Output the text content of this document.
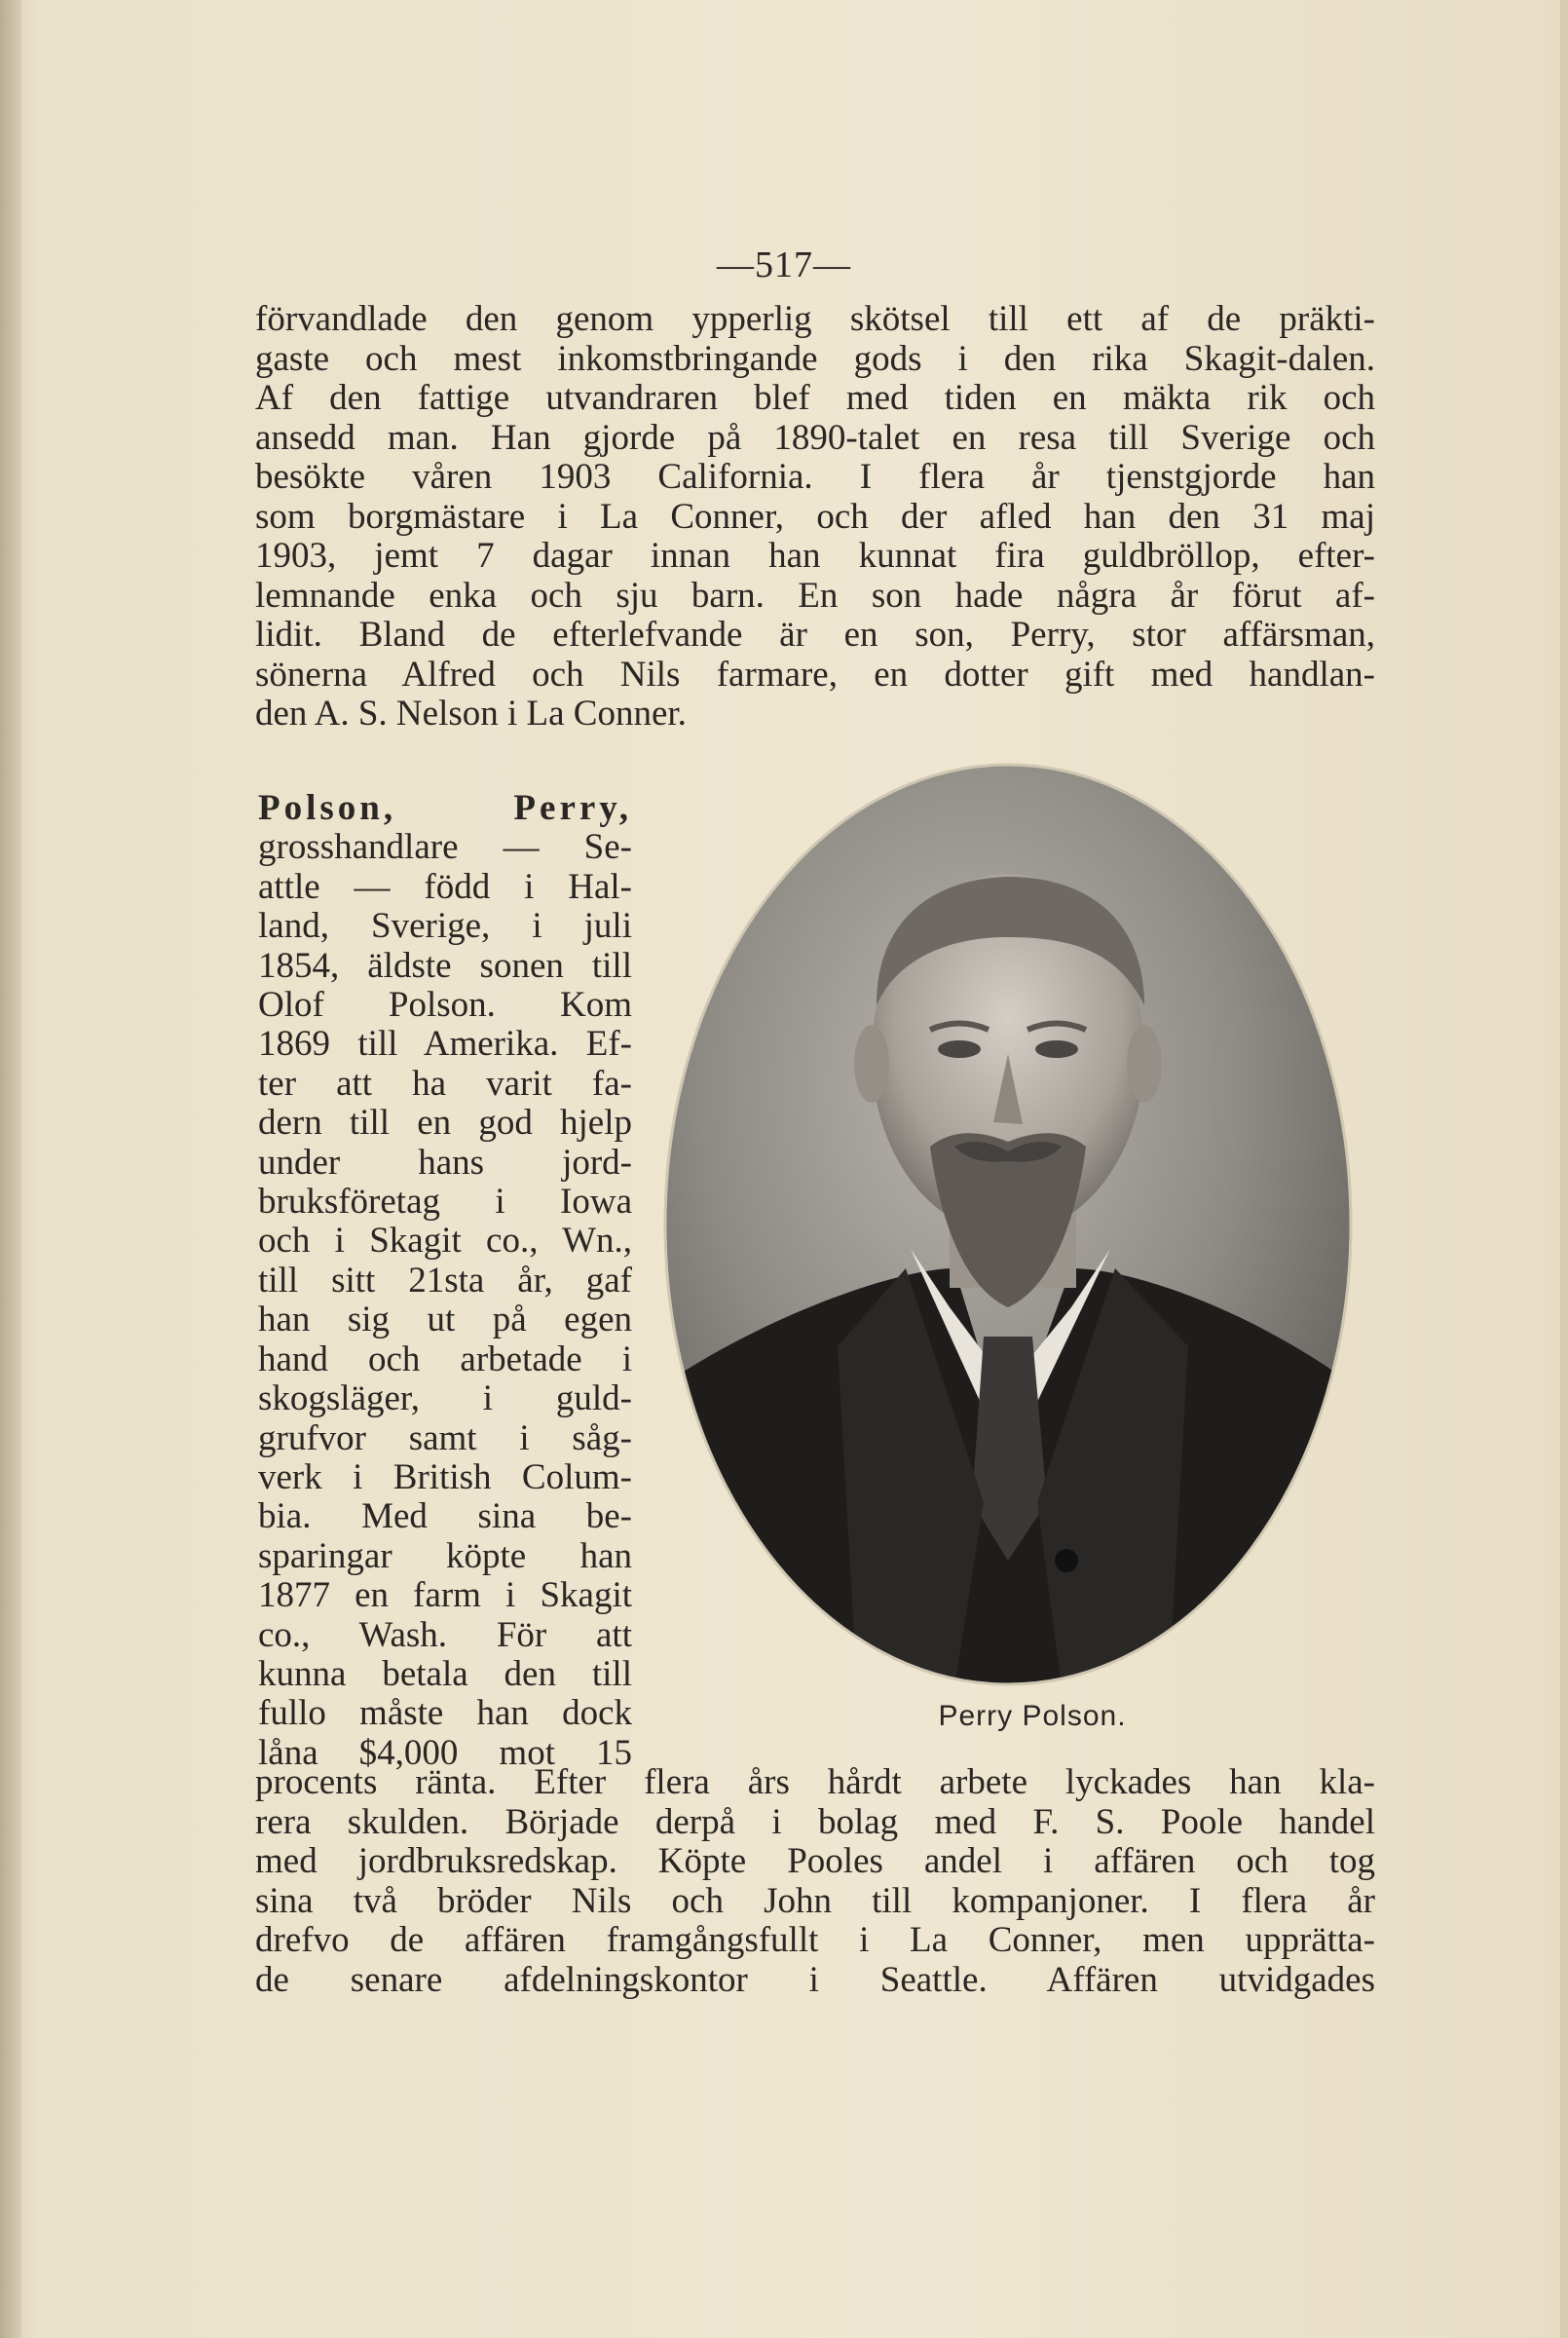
—517—
förvandlade den genom ypperlig skötsel till ett af de präkti-
gaste och mest inkomstbringande gods i den rika Skagit-dalen.
Af den fattige utvandraren blef med tiden en mäkta rik och
ansedd man. Han gjorde på 1890-talet en resa till Sverige och
besökte våren 1903 California. I flera år tjenstgjorde han
som borgmästare i La Conner, och der afled han den 31 maj
1903, jemt 7 dagar innan han kunnat fira guldbröllop, efter-
lemnande enka och sju barn. En son hade några år förut af-
lidit. Bland de efterlefvande är en son, Perry, stor affärsman,
sönerna Alfred och Nils farmare, en dotter gift med handlan-
den A. S. Nelson i La Conner.
Polson, Perry,
grosshandlare — Se-
attle — född i Hal-
land, Sverige, i juli
1854, äldste sonen till
Olof Polson. Kom
1869 till Amerika. Ef-
ter att ha varit fa-
dern till en god hjelp
under hans jord-
bruksföretag i Iowa
och i Skagit co., Wn.,
till sitt 21sta år, gaf
han sig ut på egen
hand och arbetade i
skogsläger, i guld-
grufvor samt i såg-
verk i British Colum-
bia. Med sina be-
sparingar köpte han
1877 en farm i Skagit
co., Wash. För att
kunna betala den till
fullo måste han dock
låna $4,000 mot 15
Perry Polson.
procents ränta. Efter flera års hårdt arbete lyckades han kla-
rera skulden. Började derpå i bolag med F. S. Poole handel
med jordbruksredskap. Köpte Pooles andel i affären och tog
sina två bröder Nils och John till kompanjoner. I flera år
drefvo de affären framgångsfullt i La Conner, men upprätta-
de senare afdelningskontor i Seattle. Affären utvidgades
